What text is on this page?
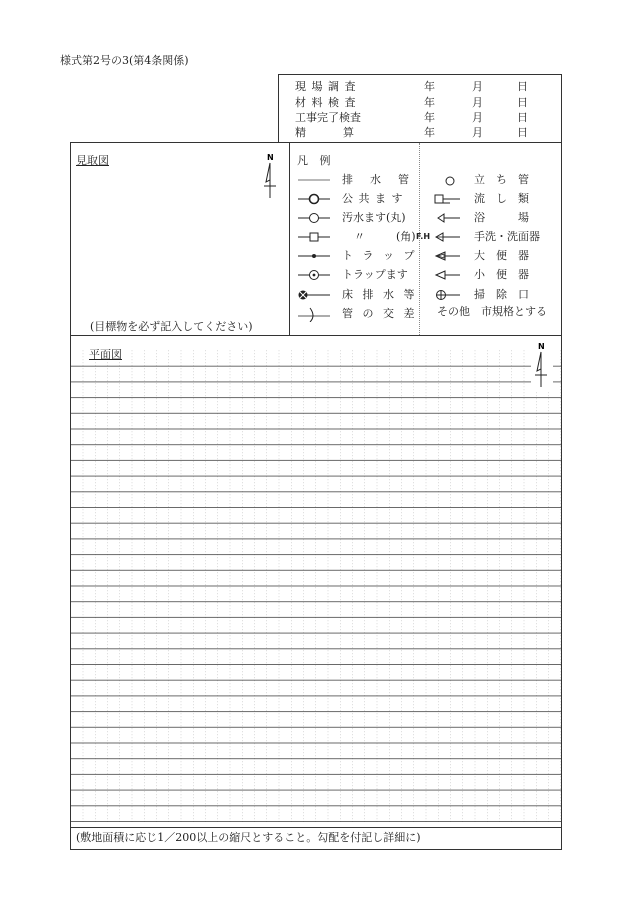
様式第2号の3(第4条関係)
現 場 調 査	年	月	日
材 料 検 査	年	月	日
工事完了検査	年	月	日
精　　　算	年	月	日
見取図	N
(目標物を必ず記入してください)
凡 例
排　水　管
公 共 ま す
汚水ます(丸)
〃	(角)
ト ラ ッ プ
トラップます
床 排 水 等
管 の 交 差
立　ち　管
流　し　類
浴　　　場
F.H	手洗・洗面器
大　便　器
小　便　器
掃　除　口
その他　市規格とする
平面図
N
(敷地面積に応じ1／200以上の縮尺とすること。勾配を付記し詳細に)
